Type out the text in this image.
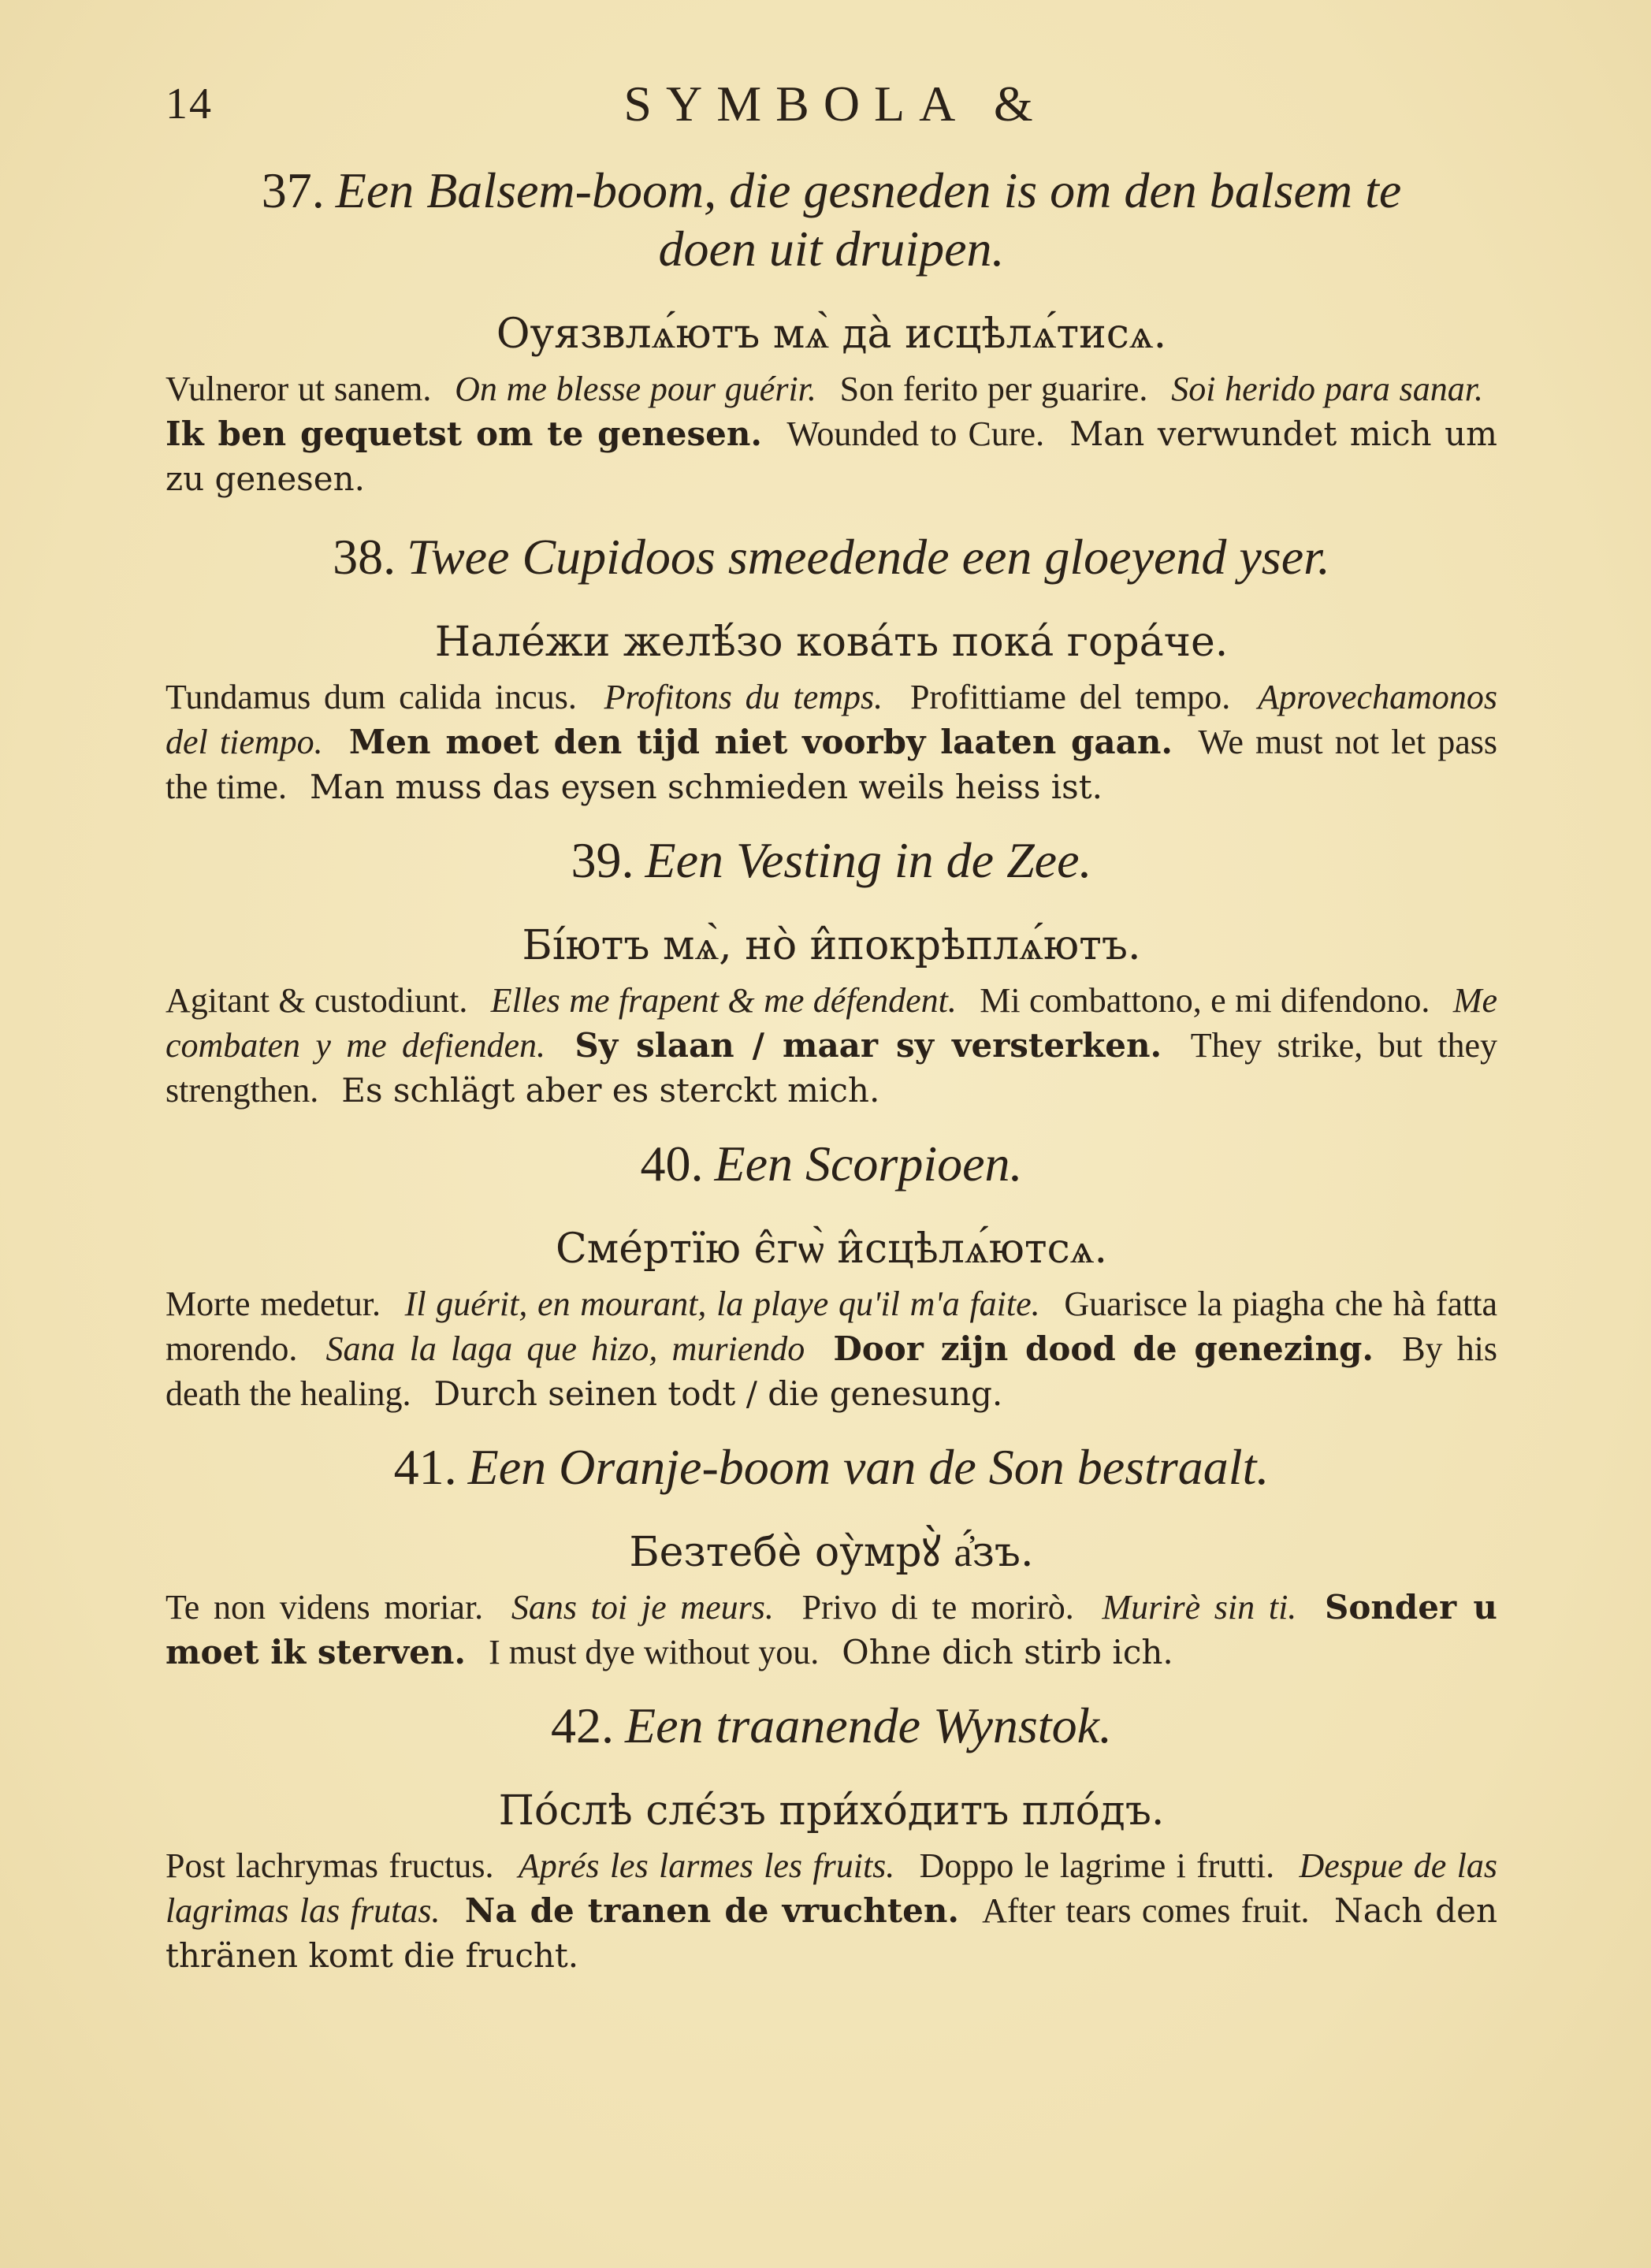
14	SYMBOLA &
37. Een Balsem-boom, die gesneden is om den balsem te doen uit druipen.
Оуязвлѧ́ютъ мѧ̀ да̀ исцѣлѧ́тисѧ.
Vulneror ut sanem. On me blesse pour guérir. Son ferito per guarire. Soi herido para sanar. Ik ben gequetst om te genesen. Wounded to Cure. Man verwundet mich um zu genesen.
38. Twee Cupidoos smeedende een gloeyend yser.
Нале́жи желѣ́зо ковáть покá горáче.
Tundamus dum calida incus. Profitons du temps. Profittiame del tempo. Aprovechamonos del tiempo. Men moet den tijd niet voorby laaten gaan. We must not let pass the time. Man muss das eysen schmieden weils heiss ist.
39. Een Vesting in de Zee.
Бі́ютъ мѧ̀, но̀ и̂покрѣплѧ́ютъ.
Agitant & custodiunt. Elles me frapent & me défendent. Mi combattono, e mi difendono. Me combaten y me defienden. Sy slaan / maar sy versterken. They strike, but they strengthen. Es schlägt aber es sterckt mich.
40. Een Scorpioen.
Сме́ртїю є̂гѡ̀ и̂сцѣлѧ́ютсѧ.
Morte medetur. Il guérit, en mourant, la playe qu'il m'a faite. Guarisce la piagha che hà fatta morendo. Sana la laga que hizo, muriendo Door zijn dood de genezing. By his death the healing. Durch seinen todt / die genesung.
41. Een Oranje-boom van de Son bestraalt.
Безтебѐ оу̀мрꙋ̀ а҆́зъ.
Te non videns moriar. Sans toi je meurs. Privo di te morirò. Murirè sin ti. Sonder u moet ik sterven. I must dye without you. Ohne dich stirb ich.
42. Een traanende Wynstok.
По́слѣ слє́зъ при́хо́дитъ пло́дъ.
Post lachrymas fructus. Aprés les larmes les fruits. Doppo le lagrime i frutti. Despue de las lagrimas las frutas. Na de tranen de vruchten. After tears comes fruit. Nach den thränen komt die frucht.
